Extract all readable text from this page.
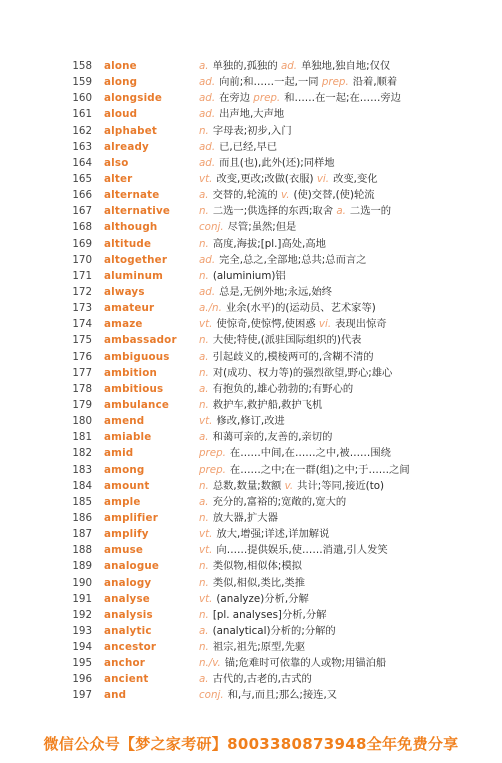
158 alone	a. 单独的,孤独的 ad. 单独地,独自地;仅仅
159 along	ad. 向前;和……一起,一同 prep. 沿着,顺着
160 alongside	ad. 在旁边 prep. 和……在一起;在……旁边
161 aloud	ad. 出声地,大声地
162 alphabet	n. 字母表;初步,入门
163 already	ad. 已,已经,早已
164 also	ad. 而且(也),此外(还);同样地
165 alter	vt. 改变,更改;改做(衣服) vi. 改变,变化
166 alternate	a. 交替的,轮流的 v. (使)交替,(使)轮流
167 alternative	n. 二选一;供选择的东西;取舍 a. 二选一的
168 although	conj. 尽管;虽然;但是
169 altitude	n. 高度,海拔;[pl.]高处,高地
170 altogether	ad. 完全,总之,全部地;总共;总而言之
171 aluminum	n. (aluminium)铝
172 always	ad. 总是,无例外地;永远,始终
173 amateur	a./n. 业余(水平)的(运动员、艺术家等)
174 amaze	vt. 使惊奇,使惊愕,使困惑 vi. 表现出惊奇
175 ambassador n. 大使;特使,(派驻国际组织的)代表
176 ambiguous	a. 引起歧义的,模棱两可的,含糊不清的
177 ambition	n. 对(成功、权力等)的强烈欲望,野心;雄心
178 ambitious	a. 有抱负的,雄心勃勃的;有野心的
179 ambulance	n. 救护车,救护船,救护飞机
180 amend	vt. 修改,修订,改进
181 amiable	a. 和蔼可亲的,友善的,亲切的
182 amid	prep. 在……中间,在……之中,被……围绕
183 among	prep. 在……之中;在一群(组)之中;于……之间
184 amount	n. 总数,数量;数额 v. 共计;等同,接近(to)
185 ample	a. 充分的,富裕的;宽敞的,宽大的
186 amplifier	n. 放大器,扩大器
187 amplify	vt. 放大,增强;详述,详加解说
188 amuse	vt. 向……提供娱乐,使……消遣,引人发笑
189 analogue	n. 类似物,相似体;模拟
190 analogy	n. 类似,相似,类比,类推
191 analyse	vt. (analyze)分析,分解
192 analysis	n. [pl. analyses]分析,分解
193 analytic	a. (analytical)分析的;分解的
194 ancestor	n. 祖宗,祖先;原型,先驱
195 anchor	n./v. 锚;危难时可依靠的人或物;用锚泊船
196 ancient	a. 古代的,古老的,古式的
197 and	conj. 和,与,而且;那么;接连,又
微信公众号【梦之家考研】8003380873948全年免费分享
